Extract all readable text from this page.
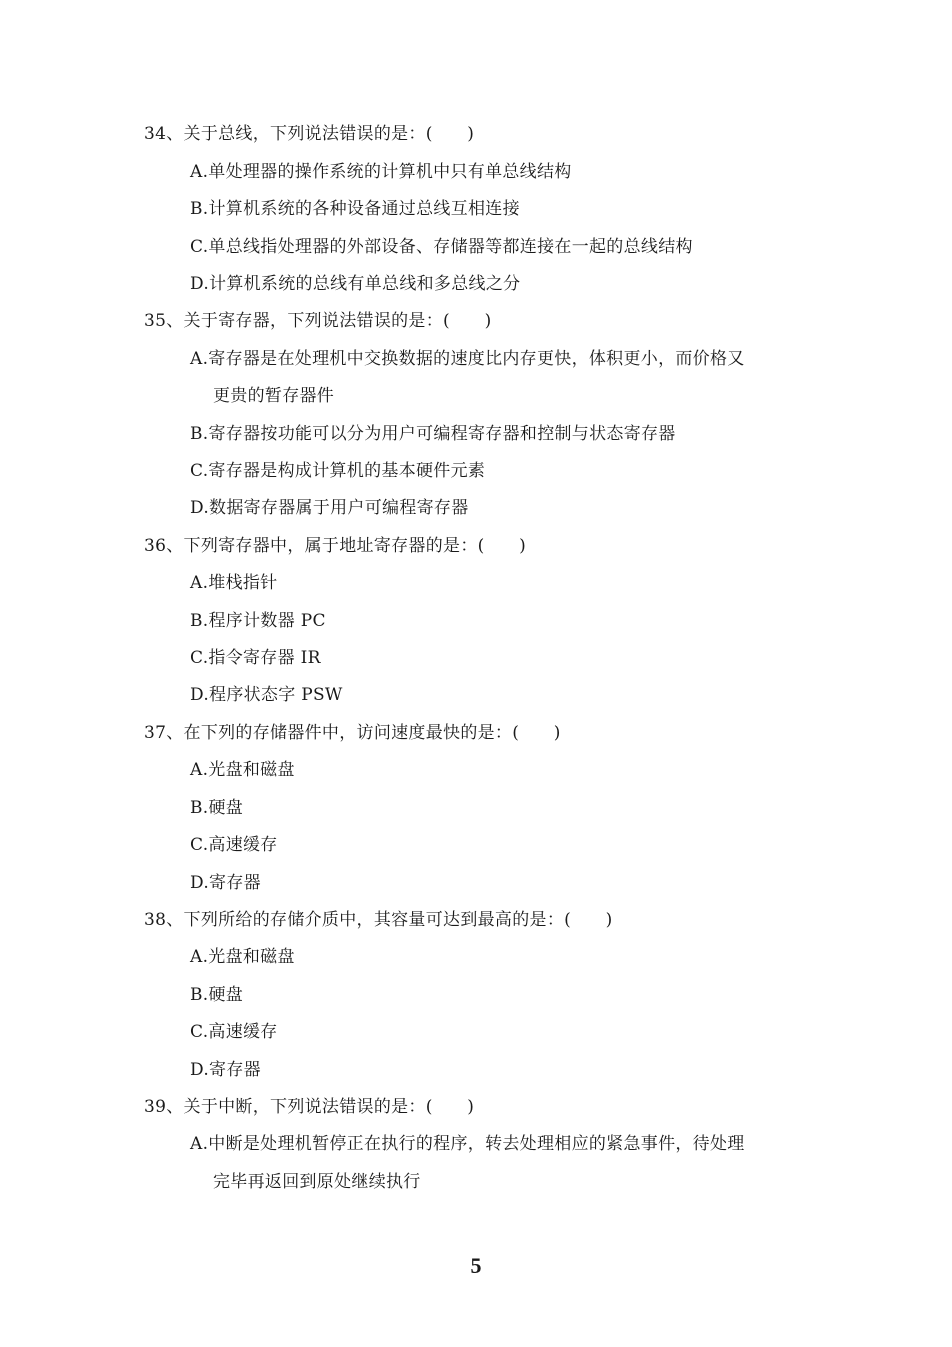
34、关于总线，下列说法错误的是：(　　)
A.单处理器的操作系统的计算机中只有单总线结构
B.计算机系统的各种设备通过总线互相连接
C.单总线指处理器的外部设备、存储器等都连接在一起的总线结构
D.计算机系统的总线有单总线和多总线之分
35、关于寄存器，下列说法错误的是：(　　)
A.寄存器是在处理机中交换数据的速度比内存更快，体积更小，而价格又
更贵的暂存器件
B.寄存器按功能可以分为用户可编程寄存器和控制与状态寄存器
C.寄存器是构成计算机的基本硬件元素
D.数据寄存器属于用户可编程寄存器
36、下列寄存器中，属于地址寄存器的是：(　　)
A.堆栈指针
B.程序计数器 PC
C.指令寄存器 IR
D.程序状态字 PSW
37、在下列的存储器件中，访问速度最快的是：(　　)
A.光盘和磁盘
B.硬盘
C.高速缓存
D.寄存器
38、下列所给的存储介质中，其容量可达到最高的是：(　　)
A.光盘和磁盘
B.硬盘
C.高速缓存
D.寄存器
39、关于中断，下列说法错误的是：(　　)
A.中断是处理机暂停正在执行的程序，转去处理相应的紧急事件，待处理
完毕再返回到原处继续执行
5
